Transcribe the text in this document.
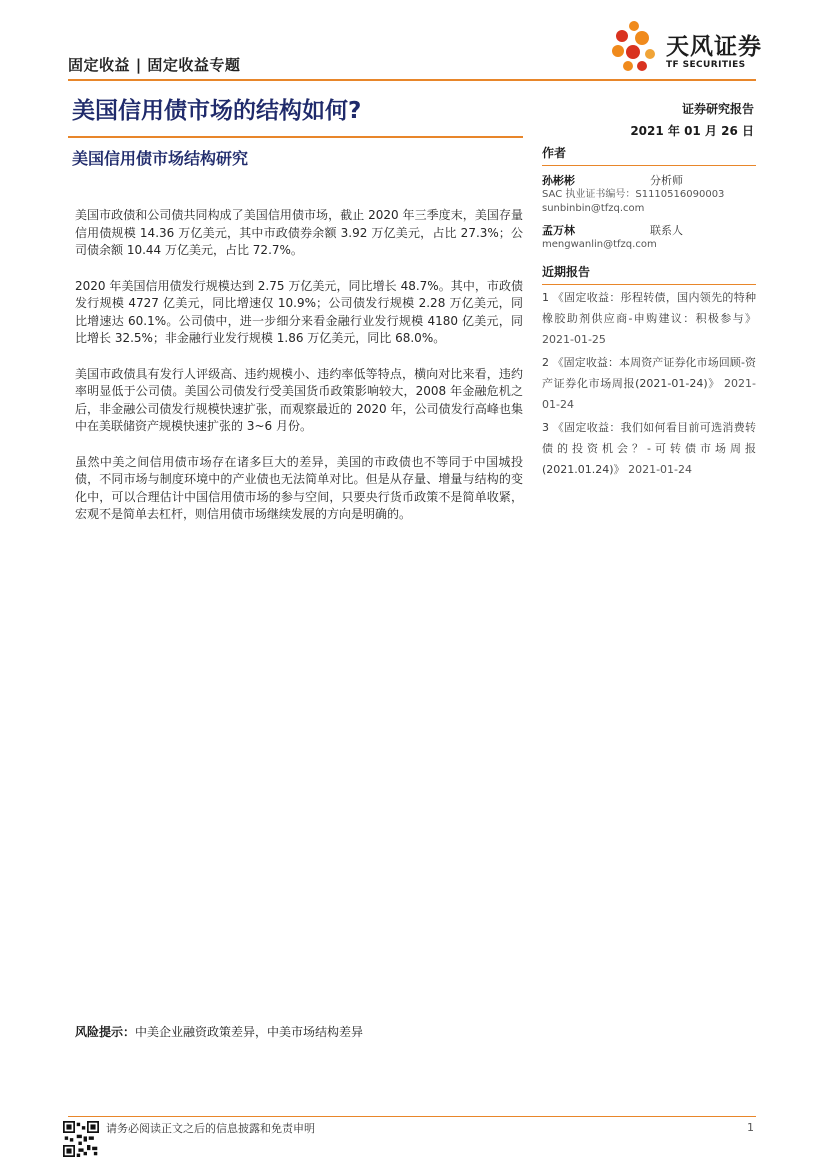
固定收益 | 固定收益专题
天风证券
TF SECURITIES
美国信用债市场的结构如何?	证券研究报告
2021 年 01 月 26 日
美国信用债市场结构研究

美国市政债和公司债共同构成了美国信用债市场，截止 2020 年三季度末，美国存量信用债规模 14.36 万亿美元，其中市政债券余额 3.92 万亿美元，占比 27.3%；公司债余额 10.44 万亿美元，占比 72.7%。

2020 年美国信用债发行规模达到 2.75 万亿美元，同比增长 48.7%。其中，市政债发行规模 4727 亿美元，同比增速仅 10.9%；公司债发行规模 2.28 万亿美元，同比增速达 60.1%。公司债中，进一步细分来看金融行业发行规模 4180 亿美元，同比增长 32.5%；非金融行业发行规模 1.86 万亿美元，同比 68.0%。

美国市政债具有发行人评级高、违约规模小、违约率低等特点，横向对比来看，违约率明显低于公司债。美国公司债发行受美国货币政策影响较大，2008 年金融危机之后，非金融公司债发行规模快速扩张，而观察最近的 2020 年，公司债发行高峰也集中在美联储资产规模快速扩张的 3~6 月份。

虽然中美之间信用债市场存在诸多巨大的差异，美国的市政债也不等同于中国城投债，不同市场与制度环境中的产业债也无法简单对比。但是从存量、增量与结构的变化中，可以合理估计中国信用债市场的参与空间，只要央行货币政策不是简单收紧，宏观不是简单去杠杆，则信用债市场继续发展的方向是明确的。

作者
孙彬彬	分析师
SAC 执业证书编号：S1110516090003
sunbinbin@tfzq.com
孟万林	联系人
mengwanlin@tfzq.com
近期报告
1 《固定收益：彤程转债，国内领先的特种橡胶助剂供应商-申购建议：积极参与》 2021-01-25
2 《固定收益：本周资产证券化市场回顾-资产证券化市场周报(2021-01-24)》 2021-01-24
3 《固定收益：我们如何看目前可选消费转债的投资机会？-可转债市场周报(2021.01.24)》 2021-01-24
风险提示：中美企业融资政策差异，中美市场结构差异
请务必阅读正文之后的信息披露和免责申明	1
